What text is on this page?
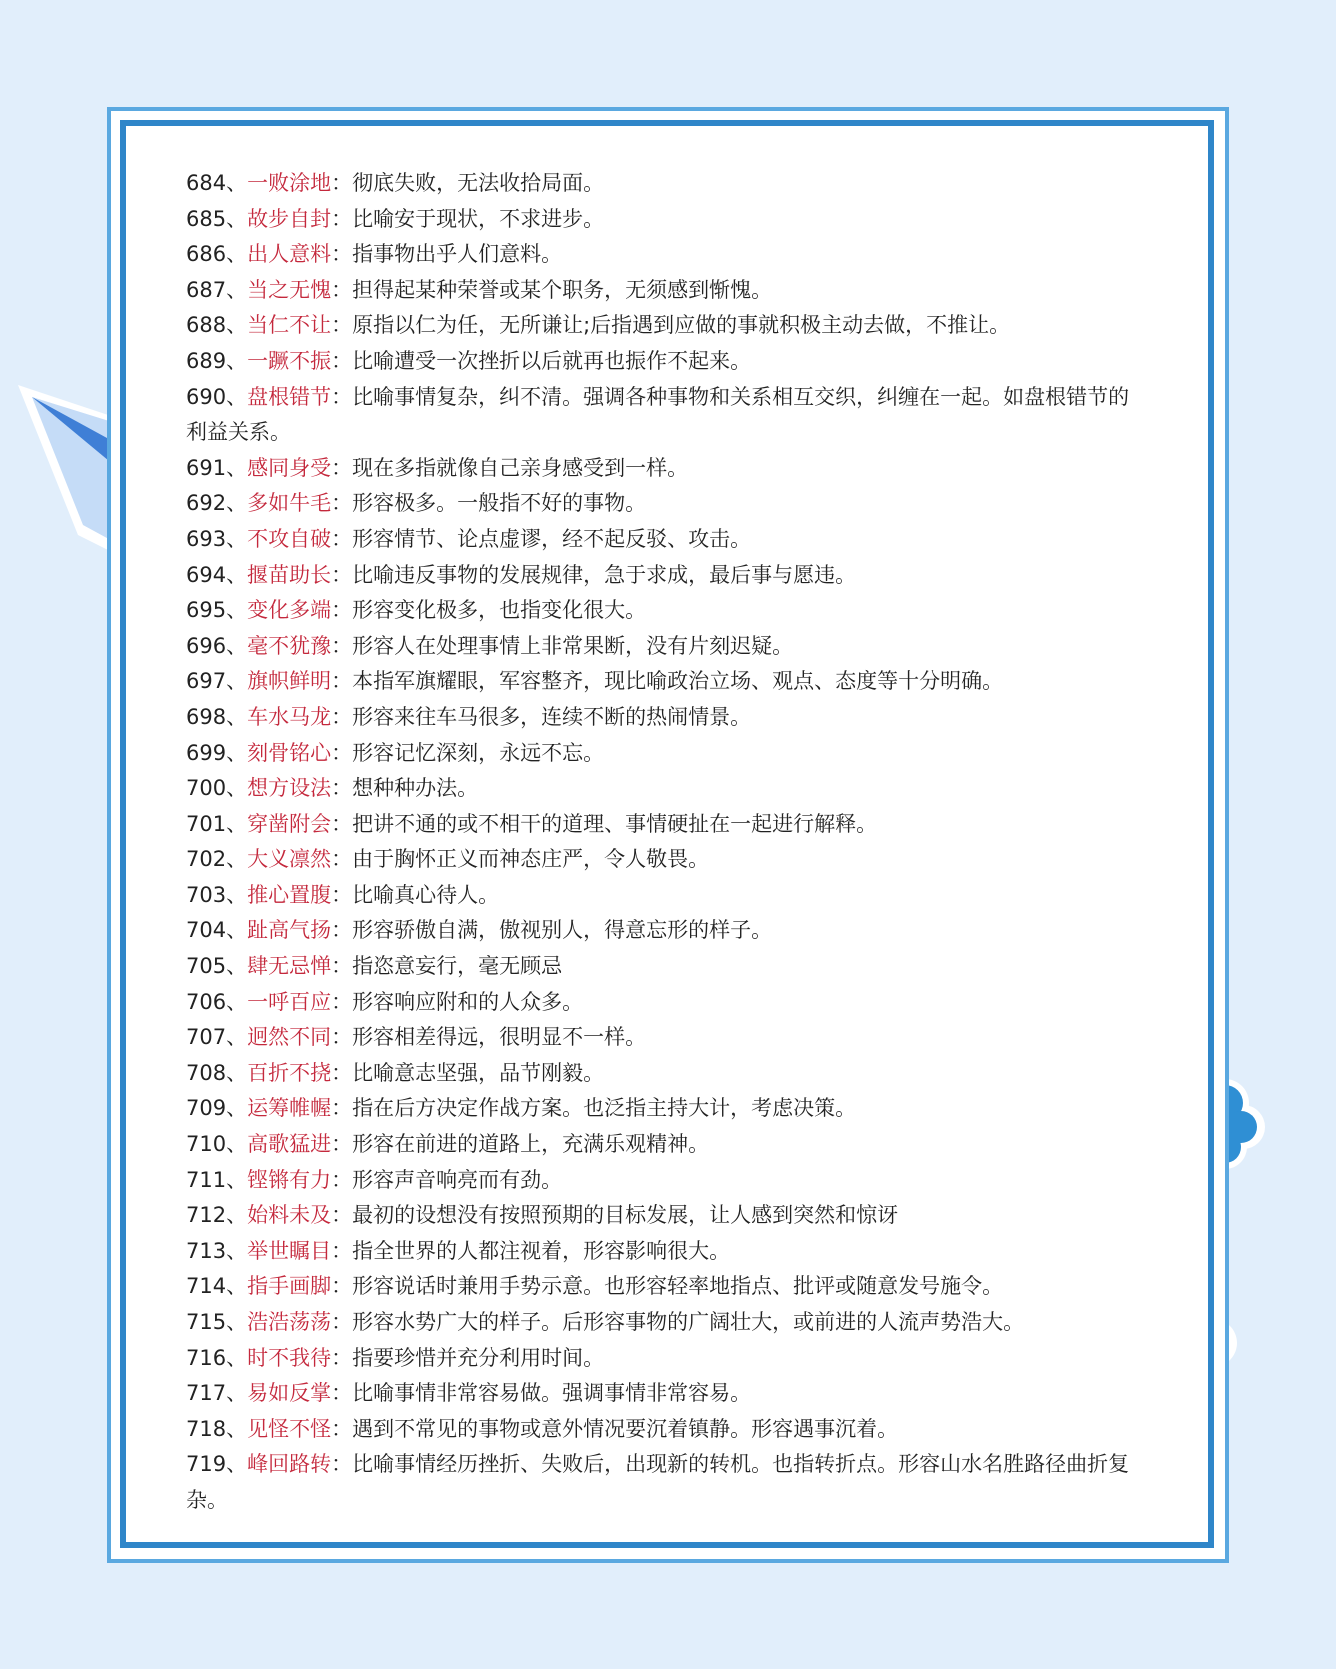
684、一败涂地：彻底失败，无法收拾局面。

685、故步自封：比喻安于现状，不求进步。

686、出人意料：指事物出乎人们意料。

687、当之无愧：担得起某种荣誉或某个职务，无须感到惭愧。

688、当仁不让：原指以仁为任，无所谦让;后指遇到应做的事就积极主动去做，不推让。

689、一蹶不振：比喻遭受一次挫折以后就再也振作不起来。

690、盘根错节：比喻事情复杂，纠不清。强调各种事物和关系相互交织，纠缠在一起。如盘根错节的利益关系。

691、感同身受：现在多指就像自己亲身感受到一样。

692、多如牛毛：形容极多。一般指不好的事物。

693、不攻自破：形容情节、论点虚谬，经不起反驳、攻击。

694、揠苗助长：比喻违反事物的发展规律，急于求成，最后事与愿违。

695、变化多端：形容变化极多，也指变化很大。

696、毫不犹豫：形容人在处理事情上非常果断，没有片刻迟疑。

697、旗帜鲜明：本指军旗耀眼，军容整齐，现比喻政治立场、观点、态度等十分明确。

698、车水马龙：形容来往车马很多，连续不断的热闹情景。

699、刻骨铭心：形容记忆深刻，永远不忘。

700、想方设法：想种种办法。

701、穿凿附会：把讲不通的或不相干的道理、事情硬扯在一起进行解释。

702、大义凛然：由于胸怀正义而神态庄严，令人敬畏。

703、推心置腹：比喻真心待人。

704、趾高气扬：形容骄傲自满，傲视别人，得意忘形的样子。

705、肆无忌惮：指恣意妄行，毫无顾忌

706、一呼百应：形容响应附和的人众多。

707、迥然不同：形容相差得远，很明显不一样。

708、百折不挠：比喻意志坚强，品节刚毅。

709、运筹帷幄：指在后方决定作战方案。也泛指主持大计，考虑决策。

710、高歌猛进：形容在前进的道路上，充满乐观精神。

711、铿锵有力：形容声音响亮而有劲。

712、始料未及：最初的设想没有按照预期的目标发展，让人感到突然和惊讶

713、举世瞩目：指全世界的人都注视着，形容影响很大。

714、指手画脚：形容说话时兼用手势示意。也形容轻率地指点、批评或随意发号施令。

715、浩浩荡荡：形容水势广大的样子。后形容事物的广阔壮大，或前进的人流声势浩大。

716、时不我待：指要珍惜并充分利用时间。

717、易如反掌：比喻事情非常容易做。强调事情非常容易。

718、见怪不怪：遇到不常见的事物或意外情况要沉着镇静。形容遇事沉着。

719、峰回路转：比喻事情经历挫折、失败后，出现新的转机。也指转折点。形容山水名胜路径曲折复杂。
